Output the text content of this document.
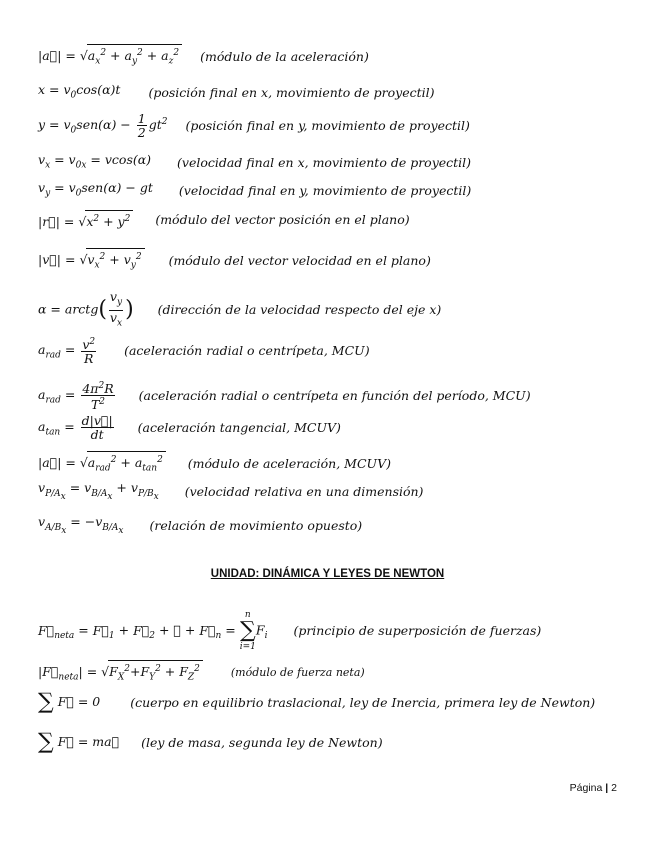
|a⃗| = $√a_x^2 + a_y^2 + a_z^2$ (módulo de la aceleración)
$x = v_0\cos(\alpha)t$ (posición final en x, movimiento de proyectil)
$y = v_0sen(\alpha) - \frac{1}{2} gt^2$ (posición final en y, movimiento de proyectil)
$v_x = v_{0x} = vcos(\alpha)$ (velocidad final en x, movimiento de proyectil)
$v_y = v_0sen(\alpha)$ − gt (velocidad final en y, movimiento de proyectil)
|r⃗| = $√x^2 + y^2$ (módulo del vector posición en el plano)
|v⃗| = $√v_x^2 + v_y^2$ (módulo del vector velocidad en el plano)
α = arctg( $\frac{v_y}{v_x}$ ) (dirección de la velocidad respecto del eje x)
$a_{rad} = \frac{v^2}{R}$ (aceleración radial o centrípeta, MCU)
$a_{rad} = \frac{4\pi^2R}{T^2}$ (aceleración radial o centrípeta en función del período, MCU)
$a_{tan} = \frac{d|v⃗|}{dt}$ (aceleración tangencial, MCUV)
|a⃗| = $√a_{rad}^2 + a_{tan}^2$ (módulo de aceleración, MCUV)
$v_{P/A_x} = v_{B/A_x} + v_{P/B_x}$ (velocidad relativa en una dimensión)
$v_{A/B_x} = -v_{B/A_x}$ (relación de movimiento opuesto)
UNIDAD: DINÁMICA Y LEYES DE NEWTON
$F⃗_{neta}$ = $F⃗_1$ + $F⃗_2$ + ⋯ + $F⃗_n$ =
n
∑
i=1
$F_i$ (principio de superposición de fuerzas)
$|F⃗_{neta}| = √F_X^2+F_Y^2 + F_Z^2$	(módulo de fuerza neta)
∑ F⃗ = 0 (cuerpo en equilibrio traslacional, ley de Inercia, primera ley de Newton)
∑ F⃗ = ma⃗ (ley de masa, segunda ley de Newton)
Página | 2
